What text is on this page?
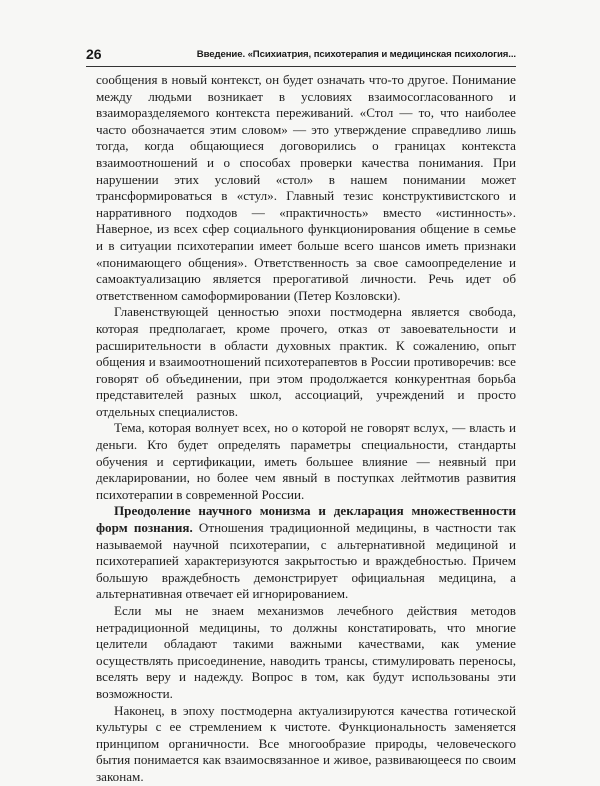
26	Введение. «Психиатрия, психотерапия и медицинская психология...

сообщения в новый контекст, он будет означать что-то другое. Понимание между людьми возникает в условиях взаимосогласованного и взаиморазделяемого контекста переживаний. «Стол — то, что наиболее часто обозначается этим словом» — это утверждение справедливо лишь тогда, когда общающиеся договорились о границах контекста взаимоотношений и о способах проверки качества понимания. При нарушении этих условий «стол» в нашем понимании может трансформироваться в «стул». Главный тезис конструктивистского и нарративного подходов — «практичность» вместо «истинность». Наверное, из всех сфер социального функционирования общение в семье и в ситуации психотерапии имеет больше всего шансов иметь признаки «понимающего общения». Ответственность за свое самоопределение и самоактуализацию является прерогативой личности. Речь идет об ответственном самоформировании (Петер Козловски).

Главенствующей ценностью эпохи постмодерна является свобода, которая предполагает, кроме прочего, отказ от завоевательности и расширительности в области духовных практик. К сожалению, опыт общения и взаимоотношений психотерапевтов в России противоречив: все говорят об объединении, при этом продолжается конкурентная борьба представителей разных школ, ассоциаций, учреждений и просто отдельных специалистов.

Тема, которая волнует всех, но о которой не говорят вслух, — власть и деньги. Кто будет определять параметры специальности, стандарты обучения и сертификации, иметь большее влияние — неявный при декларировании, но более чем явный в поступках лейтмотив развития психотерапии в современной России.

Преодоление научного монизма и декларация множественности форм познания. Отношения традиционной медицины, в частности так называемой научной психотерапии, с альтернативной медициной и психотерапией характеризуются закрытостью и враждебностью. Причем большую враждебность демонстрирует официальная медицина, а альтернативная отвечает ей игнорированием.

Если мы не знаем механизмов лечебного действия методов нетрадиционной медицины, то должны констатировать, что многие целители обладают такими важными качествами, как умение осуществлять присоединение, наводить трансы, стимулировать переносы, вселять веру и надежду. Вопрос в том, как будут использованы эти возможности.

Наконец, в эпоху постмодерна актуализируются качества готической культуры с ее стремлением к чистоте. Функциональность заменяется принципом органичности. Все многообразие природы, человеческого бытия понимается как взаимосвязанное и живое, развивающееся по своим законам.
